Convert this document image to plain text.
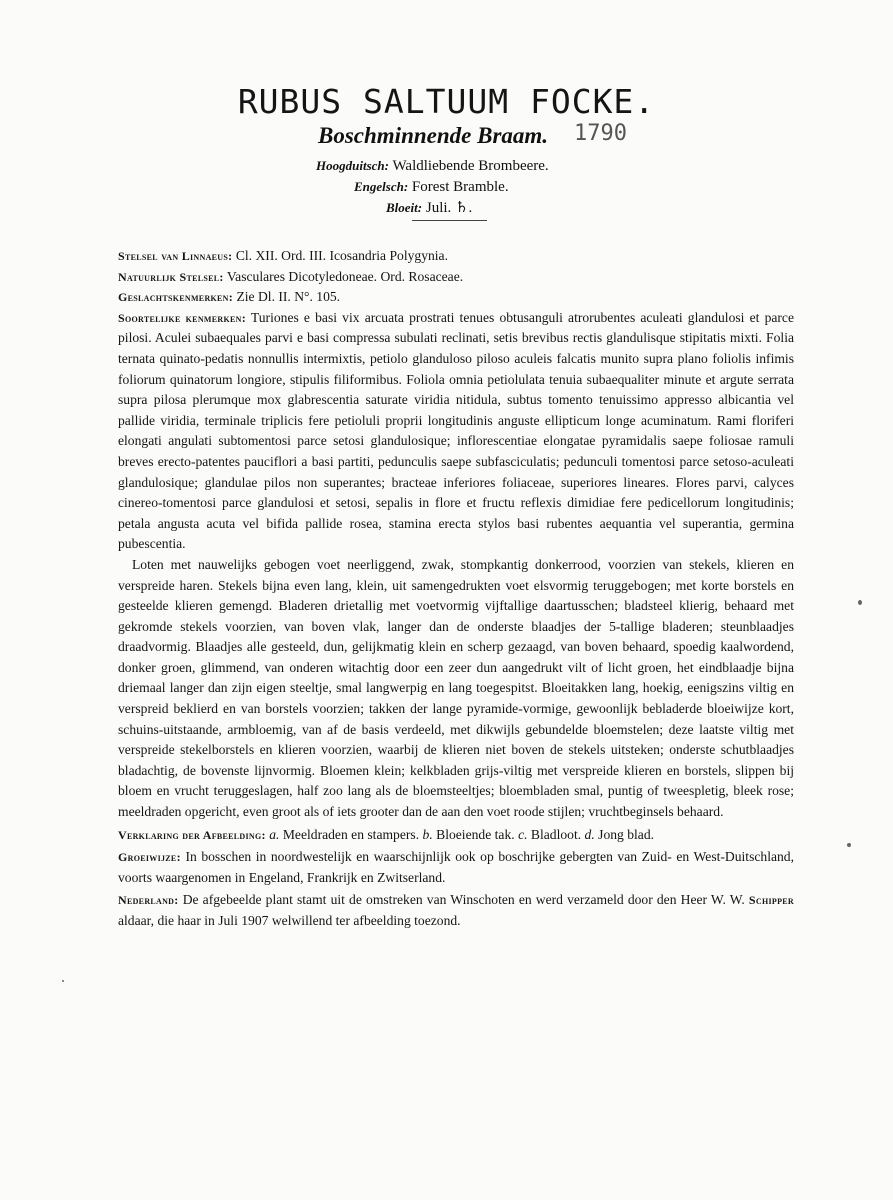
RUBUS SALTUUM FOCKE.
Boschminnende Braam.	1790
Hoogduitsch: Waldliebende Brombeere.
Engelsch: Forest Bramble.
Bloeit: Juli. ♄.

Stelsel van Linnaeus: Cl. XII. Ord. III. Icosandria Polygynia.

Natuurlijk Stelsel: Vasculares Dicotyledoneae. Ord. Rosaceae.

Geslachtskenmerken: Zie Dl. II. N°. 105.

Soortelijke kenmerken: Turiones e basi vix arcuata prostrati tenues obtusanguli atrorubentes aculeati glandulosi et parce pilosi. Aculei subaequales parvi e basi compressa subulati reclinati, setis brevibus rectis glandulisque stipitatis mixti. Folia ternata quinato-pedatis nonnullis intermixtis, petiolo glanduloso piloso aculeis falcatis munito supra plano foliolis infimis foliorum quinatorum longiore, stipulis filiformibus. Foliola omnia petiolulata tenuia subaequaliter minute et argute serrata supra pilosa plerumque mox glabrescentia saturate viridia nitidula, subtus tomento tenuissimo appresso albicantia vel pallide viridia, terminale triplicis fere petioluli proprii longitudinis anguste ellipticum longe acuminatum. Rami floriferi elongati angulati subtomentosi parce setosi glandulosique; inflorescentiae elongatae pyramidalis saepe foliosae ramuli breves erecto-patentes pauciflori a basi partiti, pedunculis saepe subfasciculatis; pedunculi tomentosi parce setoso-aculeati glandulosique; glandulae pilos non superantes; bracteae inferiores foliaceae, superiores lineares. Flores parvi, calyces cinereo-tomentosi parce glandulosi et setosi, sepalis in flore et fructu reflexis dimidiae fere pedicellorum longitudinis; petala angusta acuta vel bifida pallide rosea, stamina erecta stylos basi rubentes aequantia vel superantia, germina pubescentia.

Loten met nauwelijks gebogen voet neerliggend, zwak, stompkantig donkerrood, voorzien van stekels, klieren en verspreide haren. Stekels bijna even lang, klein, uit samengedrukten voet elsvormig teruggebogen; met korte borstels en gesteelde klieren gemengd. Bladeren drietallig met voetvormig vijftallige daartusschen; bladsteel klierig, behaard met gekromde stekels voorzien, van boven vlak, langer dan de onderste blaadjes der 5-tallige bladeren; steunblaadjes draadvormig. Blaadjes alle gesteeld, dun, gelijkmatig klein en scherp gezaagd, van boven behaard, spoedig kaalwordend, donker groen, glimmend, van onderen witachtig door een zeer dun aangedrukt vilt of licht groen, het eindblaadje bijna driemaal langer dan zijn eigen steeltje, smal langwerpig en lang toegespitst. Bloeitakken lang, hoekig, eenigszins viltig en verspreid beklierd en van borstels voorzien; takken der lange pyramide-vormige, gewoonlijk bebladerde bloeiwijze kort, schuins-uitstaande, armbloemig, van af de basis verdeeld, met dikwijls gebundelde bloemstelen; deze laatste viltig met verspreide stekelborstels en klieren voorzien, waarbij de klieren niet boven de stekels uitsteken; onderste schutblaadjes bladachtig, de bovenste lijnvormig. Bloemen klein; kelkbladen grijs-viltig met verspreide klieren en borstels, slippen bij bloem en vrucht teruggeslagen, half zoo lang als de bloemsteeltjes; bloembladen smal, puntig of tweespletig, bleek rose; meeldraden opgericht, even groot als of iets grooter dan de aan den voet roode stijlen; vruchtbeginsels behaard.

Verklaring der Afbeelding: a. Meeldraden en stampers. b. Bloeiende tak. c. Bladloot. d. Jong blad.

Groeiwijze: In bosschen in noordwestelijk en waarschijnlijk ook op boschrijke gebergten van Zuid- en West-Duitschland, voorts waargenomen in Engeland, Frankrijk en Zwitserland.

Nederland: De afgebeelde plant stamt uit de omstreken van Winschoten en werd verzameld door den Heer W. W. Schipper aldaar, die haar in Juli 1907 welwillend ter afbeelding toezond.
